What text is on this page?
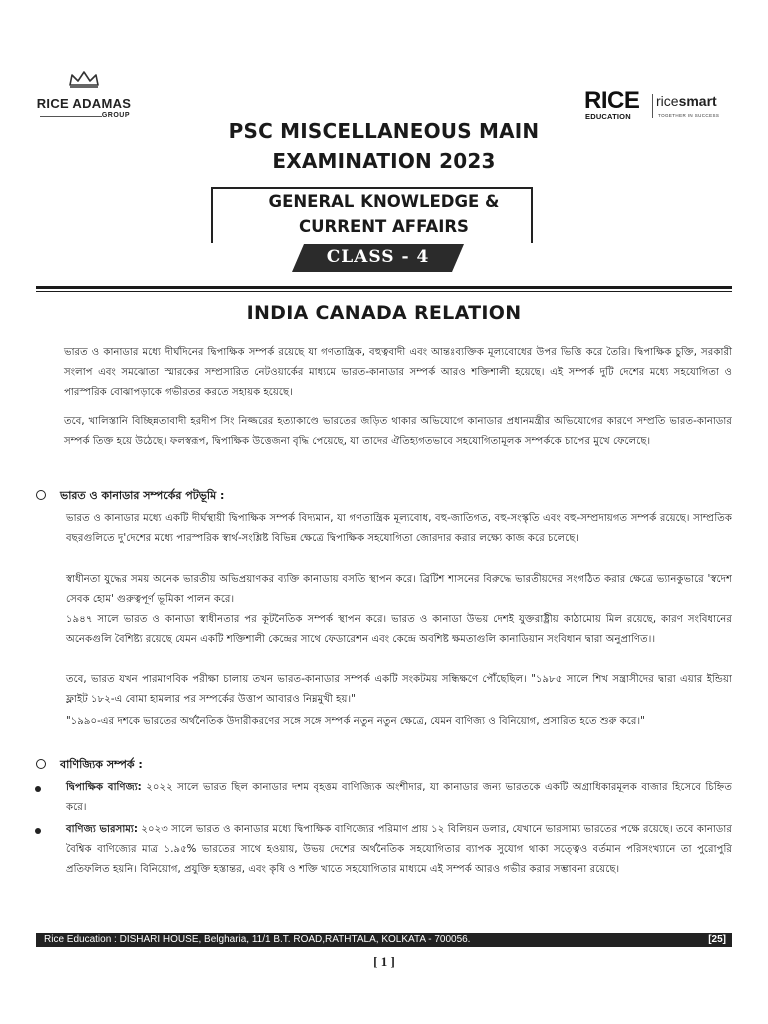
RICE ADAMAS
GROUP
RICE
EDUCATION
ricesmart
TOGETHER IN SUCCESS
PSC MISCELLANEOUS MAIN
EXAMINATION 2023
GENERAL KNOWLEDGE &
CURRENT AFFAIRS
CLASS - 4
INDIA CANADA RELATION
ভারত ও কানাডার মধ্যে দীর্ঘদিনের দ্বিপাক্ষিক সম্পর্ক রয়েছে যা গণতান্ত্রিক, বহুত্ববাদী এবং আন্তঃব্যক্তিক মূল্যবোধের উপর ভিত্তি করে তৈরি। দ্বিপাক্ষিক চুক্তি, সরকারী সংলাপ এবং সমঝোতা স্মারকের সম্প্রসারিত নেটওয়ার্কের মাধ্যমে ভারত-কানাডার সম্পর্ক আরও শক্তিশালী হয়েছে। এই সম্পর্ক দুটি দেশের মধ্যে সহযোগিতা ও পারস্পরিক বোঝাপড়াকে গভীরতর করতে সহায়ক হয়েছে।
তবে, খালিস্তানি বিচ্ছিন্নতাবাদী হরদীপ সিং নিজ্জরের হত্যাকাণ্ডে ভারতের জড়িত থাকার অভিযোগে কানাডার প্রধানমন্ত্রীর অভিযোগের কারণে সম্প্রতি ভারত-কানাডার সম্পর্ক তিক্ত হয়ে উঠেছে। ফলস্বরূপ, দ্বিপাক্ষিক উত্তেজনা বৃদ্ধি পেয়েছে, যা তাদের ঐতিহ্যগতভাবে সহযোগিতামূলক সম্পর্ককে চাপের মুখে ফেলেছে।
ভারত ও কানাডার সম্পর্কের পটভূমি :
ভারত ও কানাডার মধ্যে একটি দীর্ঘস্থায়ী দ্বিপাক্ষিক সম্পর্ক বিদ্যমান, যা গণতান্ত্রিক মূল্যবোধ, বহু-জাতিগত, বহু-সংস্কৃতি এবং বহু-সম্প্রদায়গত সম্পর্ক রয়েছে। সাম্প্রতিক বছরগুলিতে দু'দেশের মধ্যে পারস্পরিক স্বার্থ-সংশ্লিষ্ট বিভিন্ন ক্ষেত্রে দ্বিপাক্ষিক সহযোগিতা জোরদার করার লক্ষ্যে কাজ করে চলেছে।
স্বাধীনতা যুদ্ধের সময় অনেক ভারতীয় অভিপ্রয়াণকর ব্যক্তি কানাডায় বসতি স্থাপন করে। ব্রিটিশ শাসনের বিরুদ্ধে ভারতীয়দের সংগঠিত করার ক্ষেত্রে ভ্যানকুভারে 'স্বদেশ সেবক হোম' গুরুত্বপূর্ণ ভূমিকা পালন করে।
১৯৪৭ সালে ভারত ও কানাডা স্বাধীনতার পর কূটনৈতিক সম্পর্ক স্থাপন করে। ভারত ও কানাডা উভয় দেশই যুক্তরাষ্ট্রীয় কাঠামোয় মিল রয়েছে, কারণ সংবিধানের অনেকগুলি বৈশিষ্ট্য রয়েছে যেমন একটি শক্তিশালী কেন্দ্রের সাথে ফেডারেশন এবং কেন্দ্রে অবশিষ্ট ক্ষমতাগুলি কানাডিয়ান সংবিধান দ্বারা অনুপ্রাণিত।।
তবে, ভারত যখন পারমাণবিক পরীক্ষা চালায় তখন ভারত-কানাডার সম্পর্ক একটি সংকটময় সন্ধিক্ষণে পৌঁছেছিল। "১৯৮৫ সালে শিখ সন্ত্রাসীদের দ্বারা এয়ার ইন্ডিয়া ফ্লাইট ১৮২-এ বোমা হামলার পর সম্পর্কের উত্তাপ আবারও নিম্নমুখী হয়।"
"১৯৯০-এর দশকে ভারতের অর্থনৈতিক উদারীকরণের সঙ্গে সঙ্গে সম্পর্ক নতুন নতুন ক্ষেত্রে, যেমন বাণিজ্য ও বিনিয়োগ, প্রসারিত হতে শুরু করে।"
বাণিজ্যিক সম্পর্ক :
দ্বিপাক্ষিক বাণিজ্য: ২০২২ সালে ভারত ছিল কানাডার দশম বৃহত্তম বাণিজ্যিক অংশীদার, যা কানাডার জন্য ভারতকে একটি অগ্রাধিকারমূলক বাজার হিসেবে চিহ্নিত করে।
বাণিজ্য ভারসাম্য: ২০২৩ সালে ভারত ও কানাডার মধ্যে দ্বিপাক্ষিক বাণিজ্যের পরিমাণ প্রায় ১২ বিলিয়ন ডলার, যেখানে ভারসাম্য ভারতের পক্ষে রয়েছে। তবে কানাডার বৈশ্বিক বাণিজ্যের মাত্র ১.৯৫% ভারতের সাথে হওয়ায়, উভয় দেশের অর্থনৈতিক সহযোগিতার ব্যাপক সুযোগ থাকা সত্ত্বেও বর্তমান পরিসংখ্যানে তা পুরোপুরি প্রতিফলিত হয়নি। বিনিয়োগ, প্রযুক্তি হস্তান্তর, এবং কৃষি ও শক্তি খাতে সহযোগিতার মাধ্যমে এই সম্পর্ক আরও গভীর করার সম্ভাবনা রয়েছে।
Rice Education : DISHARI HOUSE, Belgharia, 11/1 B.T. ROAD,RATHTALA, KOLKATA - 700056.	[25]
[ 1 ]
